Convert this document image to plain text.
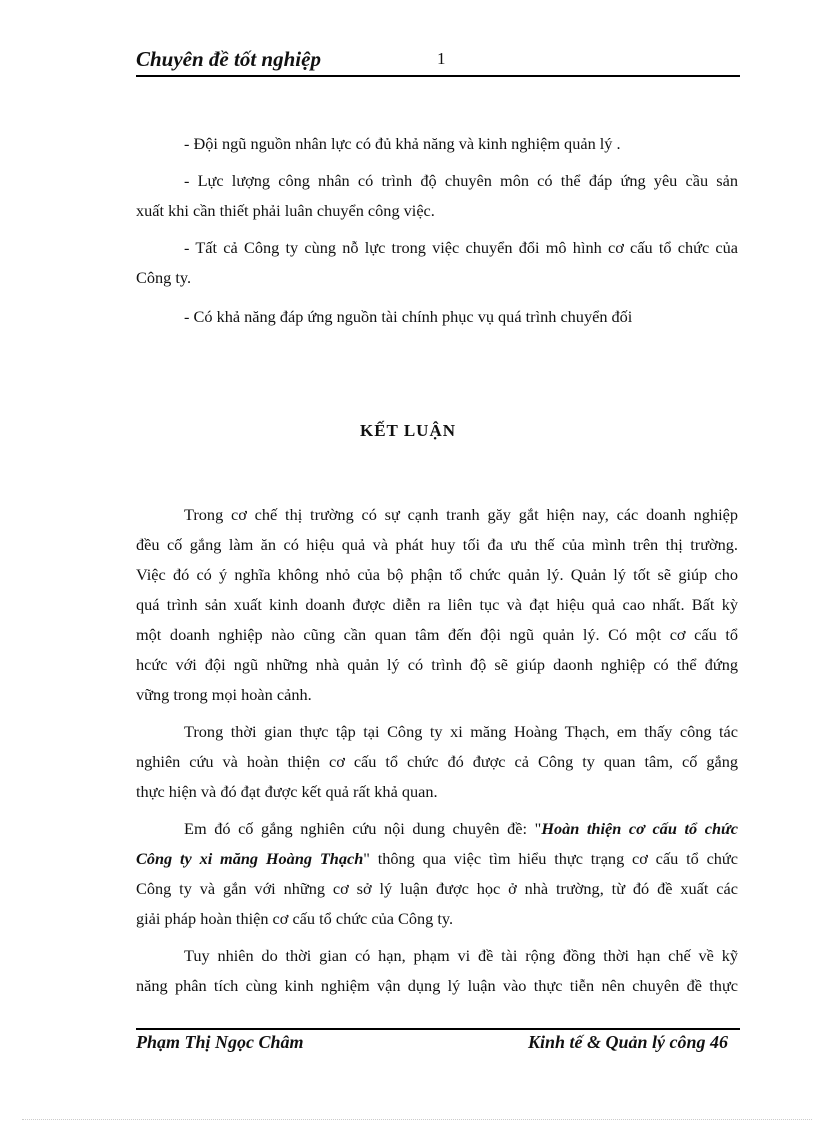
Chuyên đề tốt nghiệp	1
- Đội ngũ nguồn nhân lực có đủ khả năng và kinh nghiệm quản lý .
- Lực lượng công nhân có trình độ chuyên môn có thể đáp ứng yêu cầu sản
xuất khi cần thiết phải luân chuyển công việc.
- Tất cả Công ty cùng nỗ lực trong việc chuyển đổi mô hình cơ cấu tổ chức của
Công ty.
- Có khả năng đáp ứng nguồn tài chính phục vụ quá trình chuyển đối
KẾT LUẬN
Trong cơ chế thị trường có sự cạnh tranh găy gắt hiện nay, các doanh nghiệp
đều cố gắng làm ăn có hiệu quả và phát huy tối đa ưu thế của mình trên thị trường.
Việc đó có ý nghĩa không nhỏ của bộ phận tổ chức quản lý. Quản lý tốt sẽ giúp cho
quá trình sản xuất kinh doanh được diễn ra liên tục và đạt hiệu quả cao nhất. Bất kỳ
một doanh nghiệp nào cũng cần quan tâm đến đội ngũ quản lý. Có một cơ cấu tổ
hcức với đội ngũ những nhà quản lý có trình độ sẽ giúp daonh nghiệp có thể đứng
vững trong mọi hoàn cảnh.
Trong thời gian thực tập tại Công ty xi măng Hoàng Thạch, em thấy công tác
nghiên cứu và hoàn thiện cơ cấu tổ chức đó được cả Công ty quan tâm, cố gắng
thực hiện và đó đạt được kết quả rất khả quan.
Em đó cố gắng nghiên cứu nội dung chuyên đề: "Hoàn thiện cơ cấu tổ chức
Công ty xi măng Hoàng Thạch" thông qua việc tìm hiểu thực trạng cơ cấu tổ chức
Công ty và gắn với những cơ sở lý luận được học ở nhà trường, từ đó đề xuất các
giải pháp hoàn thiện cơ cấu tổ chức của Công ty.
Tuy nhiên do thời gian có hạn, phạm vi đề tài rộng đồng thời hạn chế về kỹ
năng phân tích cùng kinh nghiệm vận dụng lý luận vào thực tiễn nên chuyên đề thực
Phạm Thị Ngọc Châm	Kinh tế & Quản lý công 46
